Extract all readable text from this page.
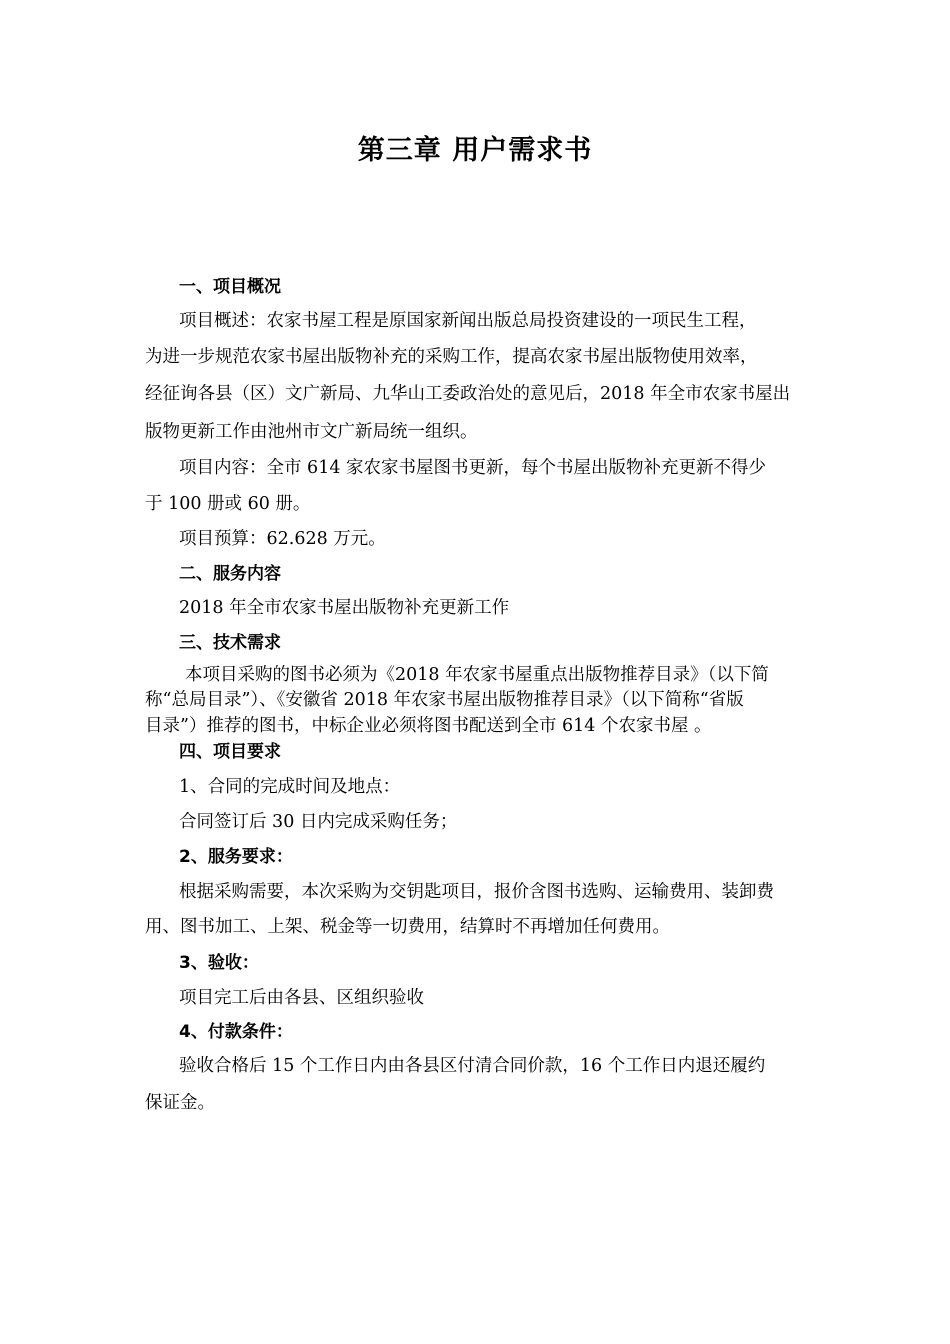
第三章 用户需求书
一、项目概况
项目概述：农家书屋工程是原国家新闻出版总局投资建设的一项民生工程，
为进一步规范农家书屋出版物补充的采购工作，提高农家书屋出版物使用效率，
经征询各县（区）文广新局、九华山工委政治处的意见后，2018 年全市农家书屋出
版物更新工作由池州市文广新局统一组织。
项目内容：全市 614 家农家书屋图书更新，每个书屋出版物补充更新不得少
于 100 册或 60 册。
项目预算：62.628 万元。
二、服务内容
2018 年全市农家书屋出版物补充更新工作
三、技术需求
本项目采购的图书必须为《2018 年农家书屋重点出版物推荐目录》（以下简
称“总局目录”）、《安徽省 2018 年农家书屋出版物推荐目录》（以下简称“省版
目录”）推荐的图书，中标企业必须将图书配送到全市 614 个农家书屋 。
四、项目要求
1、合同的完成时间及地点：
合同签订后 30 日内完成采购任务；
2、服务要求：
根据采购需要，本次采购为交钥匙项目，报价含图书选购、运输费用、装卸费
用、图书加工、上架、税金等一切费用，结算时不再增加任何费用。
3、验收：
项目完工后由各县、区组织验收
4、付款条件：
验收合格后 15 个工作日内由各县区付清合同价款，16 个工作日内退还履约
保证金。
